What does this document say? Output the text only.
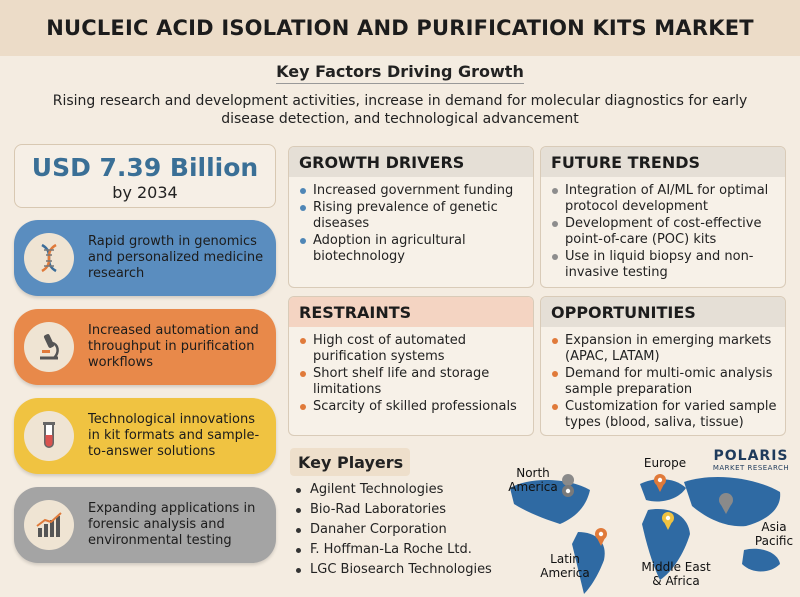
NUCLEIC ACID ISOLATION AND PURIFICATION KITS MARKET
Key Factors Driving Growth
Rising research and development activities, increase in demand for molecular diagnostics for early disease detection, and technological advancement
USD 7.39 Billion
by 2034
Rapid growth in genomics and personalized medicine research
Increased automation and throughput in purification workflows
Technological innovations in kit formats and sample-to-answer solutions
Expanding applications in forensic analysis and environmental testing
GROWTH DRIVERS
Increased government funding
Rising prevalence of genetic diseases
Adoption in agricultural biotechnology
FUTURE TRENDS
Integration of AI/ML for optimal protocol development
Development of cost-effective point-of-care (POC) kits
Use in liquid biopsy and non-invasive testing
RESTRAINTS
High cost of automated purification systems
Short shelf life and storage limitations
Scarcity of skilled professionals
OPPORTUNITIES
Expansion in emerging markets (APAC, LATAM)
Demand for multi-omic analysis sample preparation
Customization for varied sample types (blood, saliva, tissue)
Key Players
Agilent Technologies
Bio-Rad Laboratories
Danaher Corporation
F. Hoffman-La Roche Ltd.
LGC Biosearch Technologies
POLARIS
MARKET RESEARCH
North America
Europe
Asia Pacific
Latin America	Middle East & Africa
